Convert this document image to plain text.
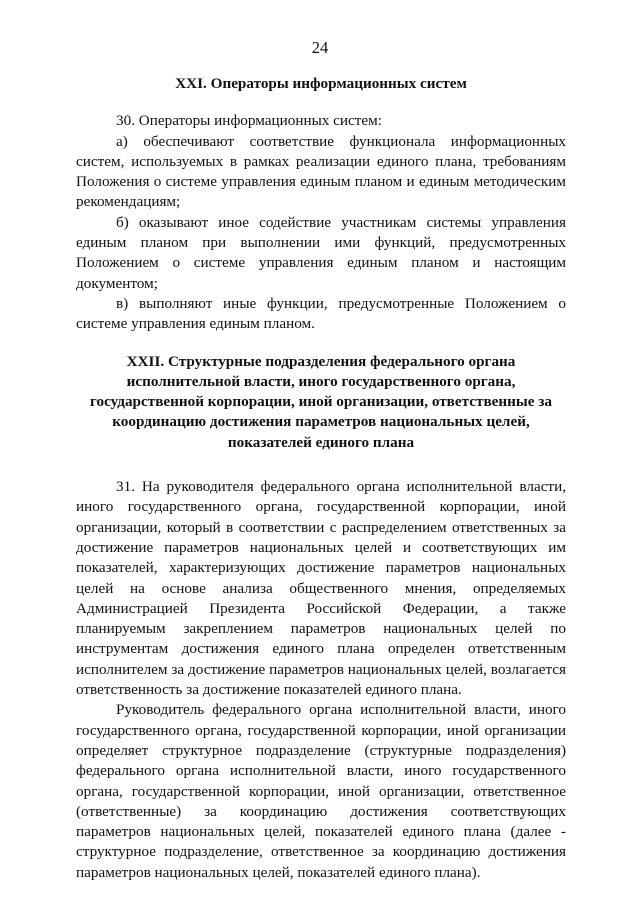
24
XXI. Операторы информационных систем

30. Операторы информационных систем:

а) обеспечивают соответствие функционала информационных систем, используемых в рамках реализации единого плана, требованиям Положения о системе управления единым планом и единым методическим рекомендациям;

б) оказывают иное содействие участникам системы управления единым планом при выполнении ими функций, предусмотренных Положением о системе управления единым планом и настоящим документом;

в) выполняют иные функции, предусмотренные Положением о системе управления единым планом.

XXII. Структурные подразделения федерального органа исполнительной власти, иного государственного органа, государственной корпорации, иной организации, ответственные за координацию достижения параметров национальных целей, показателей единого плана

31. На руководителя федерального органа исполнительной власти, иного государственного органа, государственной корпорации, иной организации, который в соответствии с распределением ответственных за достижение параметров национальных целей и соответствующих им показателей, характеризующих достижение параметров национальных целей на основе анализа общественного мнения, определяемых Администрацией Президента Российской Федерации, а также планируемым закреплением параметров национальных целей по инструментам достижения единого плана определен ответственным исполнителем за достижение параметров национальных целей, возлагается ответственность за достижение показателей единого плана.

Руководитель федерального органа исполнительной власти, иного государственного органа, государственной корпорации, иной организации определяет структурное подразделение (структурные подразделения) федерального органа исполнительной власти, иного государственного органа, государственной корпорации, иной организации, ответственное (ответственные) за координацию достижения соответствующих параметров национальных целей, показателей единого плана (далее - структурное подразделение, ответственное за координацию достижения параметров национальных целей, показателей единого плана).
